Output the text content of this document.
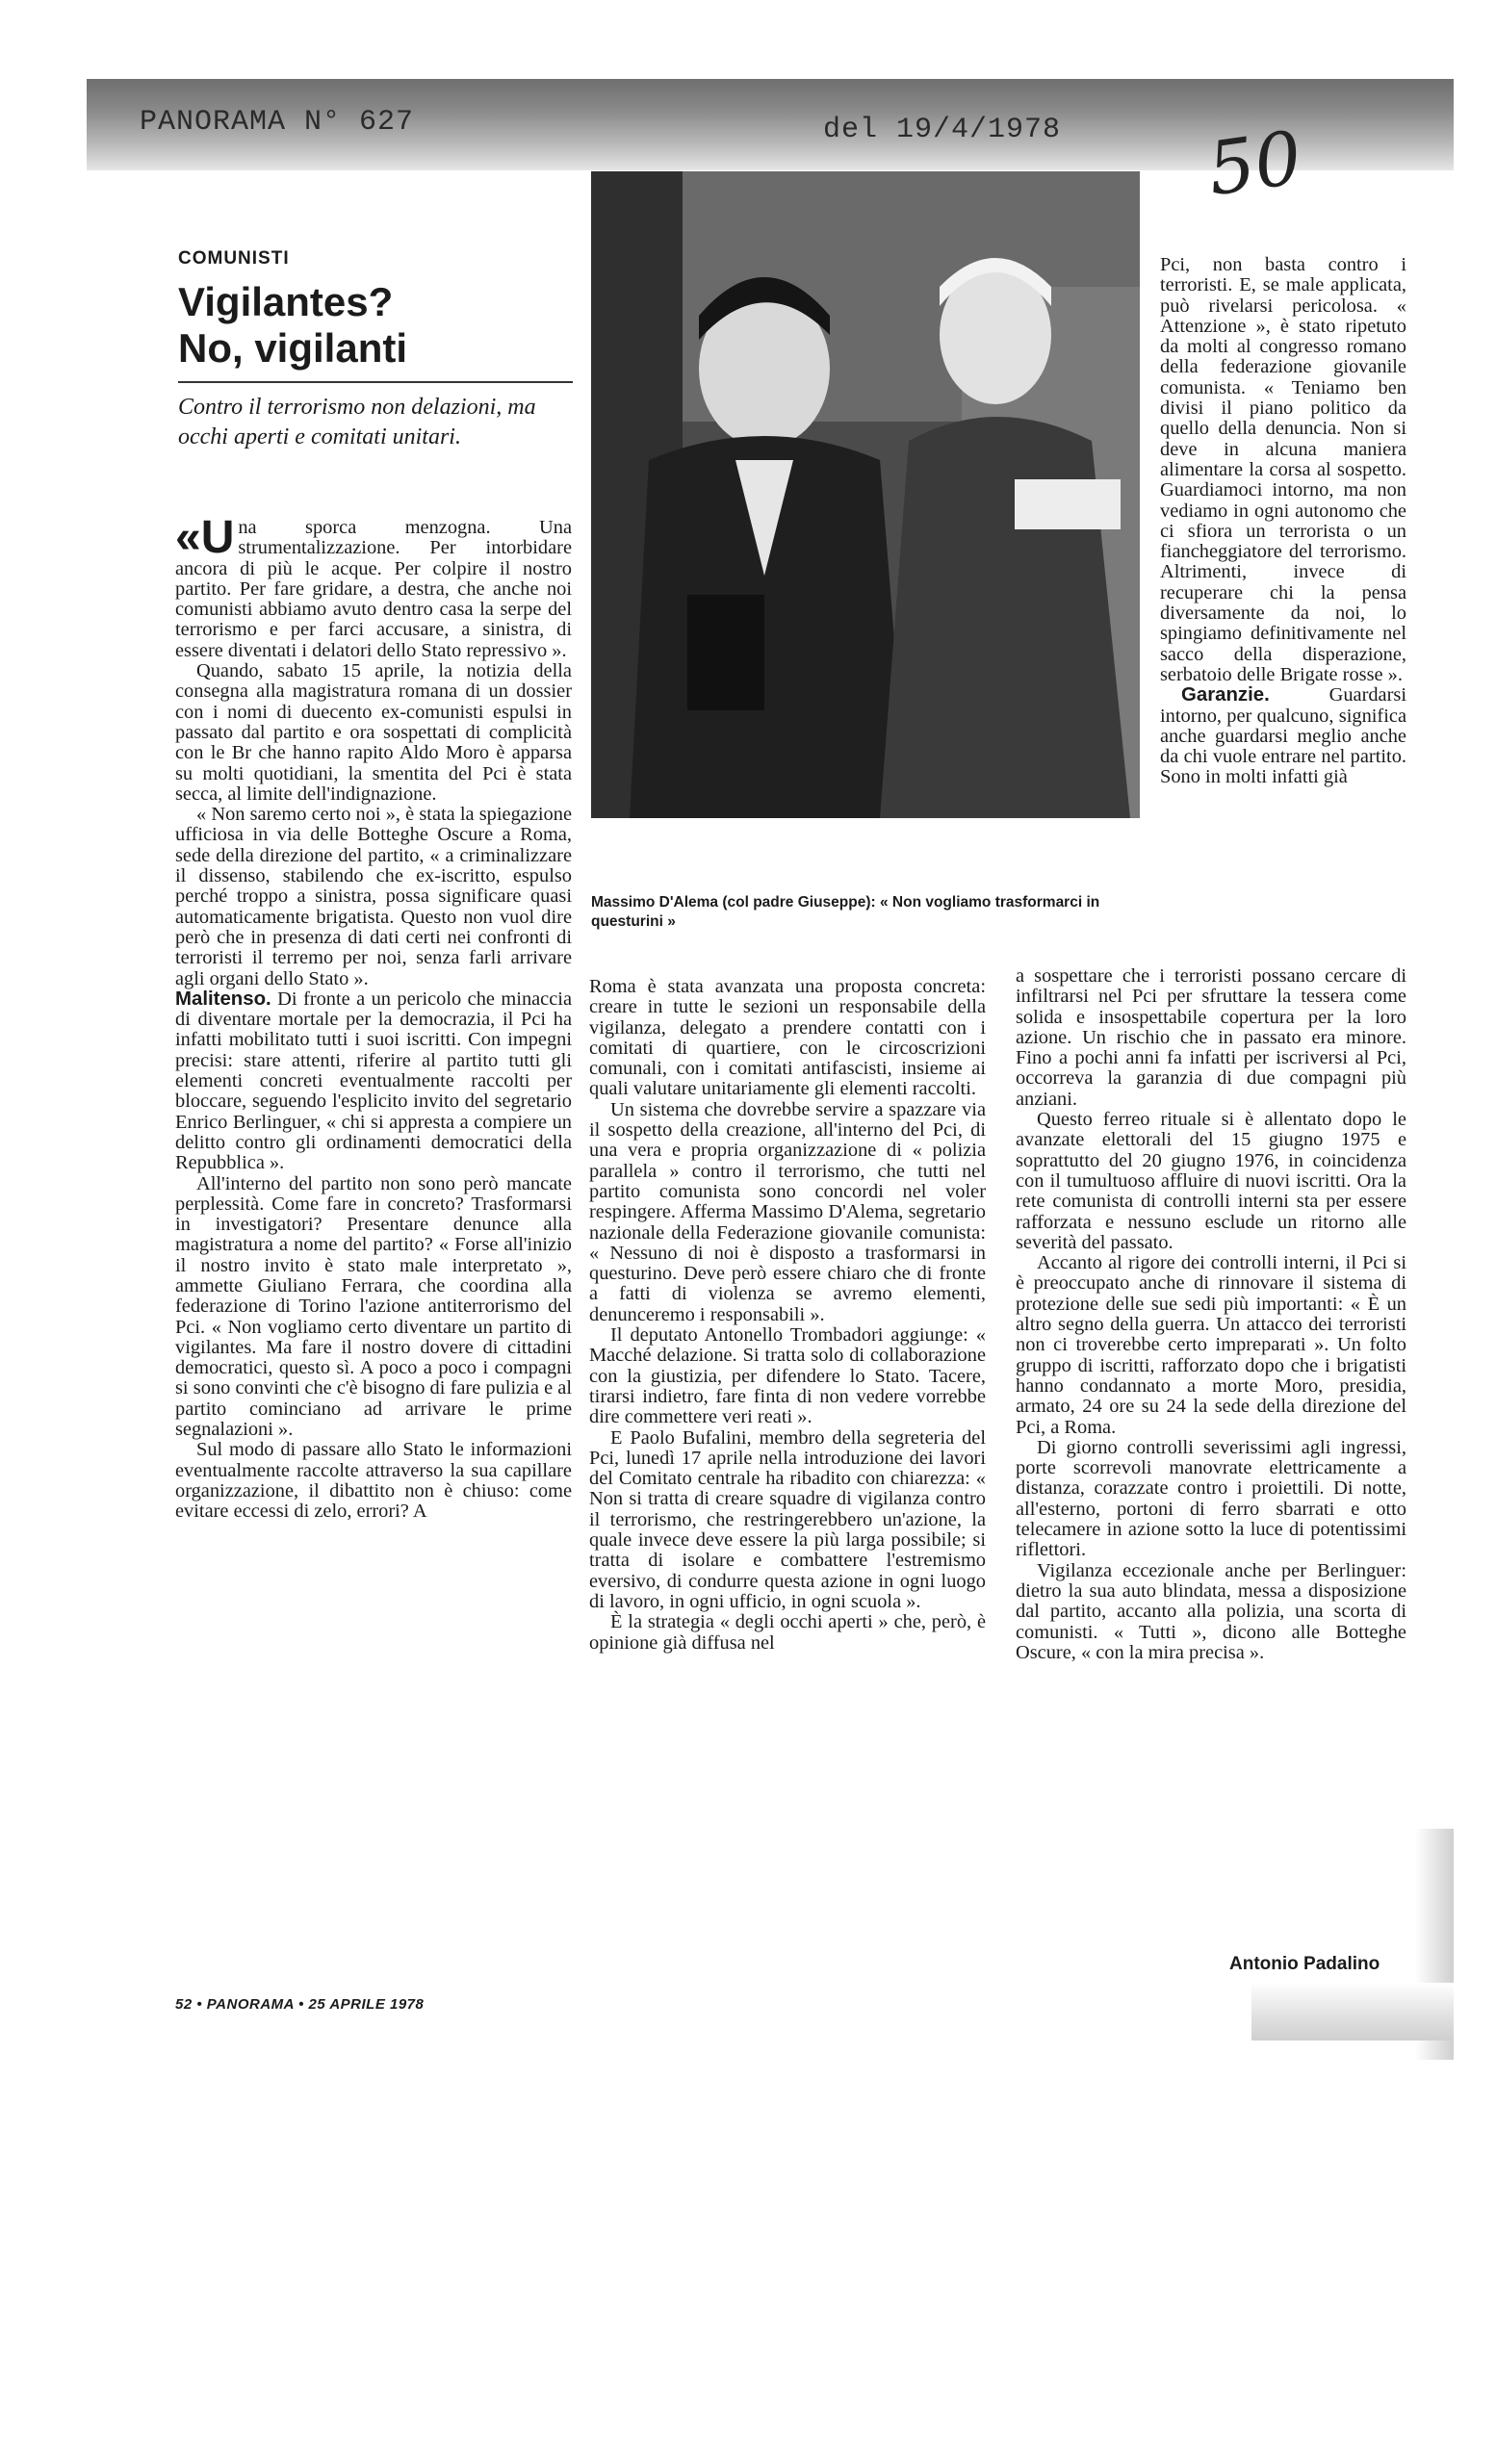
PANORAMA N° 627	del 19/4/1978 50
COMUNISTI
Vigilantes?
No, vigilanti
Contro il terrorismo non delazioni, ma occhi aperti e comitati unitari.

«Una sporca menzogna. Una strumentalizzazione. Per intorbidare ancora di più le acque. Per colpire il nostro partito. Per fare gridare, a destra, che anche noi comunisti abbiamo avuto dentro casa la serpe del terrorismo e per farci accusare, a sinistra, di essere diventati i delatori dello Stato repressivo ».

Quando, sabato 15 aprile, la notizia della consegna alla magistratura romana di un dossier con i nomi di duecento ex-comunisti espulsi in passato dal partito e ora sospettati di complicità con le Br che hanno rapito Aldo Moro è apparsa su molti quotidiani, la smentita del Pci è stata secca, al limite dell'indignazione.

« Non saremo certo noi », è stata la spiegazione ufficiosa in via delle Botteghe Oscure a Roma, sede della direzione del partito, « a criminalizzare il dissenso, stabilendo che ex-iscritto, espulso perché troppo a sinistra, possa significare quasi automaticamente brigatista. Questo non vuol dire però che in presenza di dati certi nei confronti di terroristi il terremo per noi, senza farli arrivare agli organi dello Stato ».

Malitenso. Di fronte a un pericolo che minaccia di diventare mortale per la democrazia, il Pci ha infatti mobilitato tutti i suoi iscritti. Con impegni precisi: stare attenti, riferire al partito tutti gli elementi concreti eventualmente raccolti per bloccare, seguendo l'esplicito invito del segretario Enrico Berlinguer, « chi si appresta a compiere un delitto contro gli ordinamenti democratici della Repubblica ».

All'interno del partito non sono però mancate perplessità. Come fare in concreto? Trasformarsi in investigatori? Presentare denunce alla magistratura a nome del partito? « Forse all'inizio il nostro invito è stato male interpretato », ammette Giuliano Ferrara, che coordina alla federazione di Torino l'azione antiterrorismo del Pci. « Non vogliamo certo diventare un partito di vigilantes. Ma fare il nostro dovere di cittadini democratici, questo sì. A poco a poco i compagni si sono convinti che c'è bisogno di fare pulizia e al partito cominciano ad arrivare le prime segnalazioni ».

Sul modo di passare allo Stato le informazioni eventualmente raccolte attraverso la sua capillare organizzazione, il dibattito non è chiuso: come evitare eccessi di zelo, errori? A

Massimo D'Alema (col padre Giuseppe): « Non vogliamo trasformarci in questurini »

Roma è stata avanzata una proposta concreta: creare in tutte le sezioni un responsabile della vigilanza, delegato a prendere contatti con i comitati di quartiere, con le circoscrizioni comunali, con i comitati antifascisti, insieme ai quali valutare unitariamente gli elementi raccolti.

Un sistema che dovrebbe servire a spazzare via il sospetto della creazione, all'interno del Pci, di una vera e propria organizzazione di « polizia parallela » contro il terrorismo, che tutti nel partito comunista sono concordi nel voler respingere. Afferma Massimo D'Alema, segretario nazionale della Federazione giovanile comunista: « Nessuno di noi è disposto a trasformarsi in questurino. Deve però essere chiaro che di fronte a fatti di violenza se avremo elementi, denunceremo i responsabili ».

Il deputato Antonello Trombadori aggiunge: « Macché delazione. Si tratta solo di collaborazione con la giustizia, per difendere lo Stato. Tacere, tirarsi indietro, fare finta di non vedere vorrebbe dire commettere veri reati ».

E Paolo Bufalini, membro della segreteria del Pci, lunedì 17 aprile nella introduzione dei lavori del Comitato centrale ha ribadito con chiarezza: « Non si tratta di creare squadre di vigilanza contro il terrorismo, che restringerebbero un'azione, la quale invece deve essere la più larga possibile; si tratta di isolare e combattere l'estremismo eversivo, di condurre questa azione in ogni luogo di lavoro, in ogni ufficio, in ogni scuola ».

È la strategia « degli occhi aperti » che, però, è opinione già diffusa nel

Pci, non basta contro i terroristi. E, se male applicata, può rivelarsi pericolosa. « Attenzione », è stato ripetuto da molti al congresso romano della federazione giovanile comunista. « Teniamo ben divisi il piano politico da quello della denuncia. Non si deve in alcuna maniera alimentare la corsa al sospetto. Guardiamoci intorno, ma non vediamo in ogni autonomo che ci sfiora un terrorista o un fiancheggiatore del terrorismo. Altrimenti, invece di recuperare chi la pensa diversamente da noi, lo spingiamo definitivamente nel sacco della disperazione, serbatoio delle Brigate rosse ».

Garanzie.	Guardarsi intorno, per qualcuno, significa anche guardarsi meglio anche da chi vuole entrare nel partito. Sono in molti infatti già

a sospettare che i terroristi possano cercare di infiltrarsi nel Pci per sfruttare la tessera come solida e insospettabile copertura per la loro azione. Un rischio che in passato era minore. Fino a pochi anni fa infatti per iscriversi al Pci, occorreva la garanzia di due compagni più anziani.

Questo ferreo rituale si è allentato dopo le avanzate elettorali del 15 giugno 1975 e soprattutto del 20 giugno 1976, in coincidenza con il tumultuoso affluire di nuovi iscritti. Ora la rete comunista di controlli interni sta per essere rafforzata e nessuno esclude un ritorno alle severità del passato.

Accanto al rigore dei controlli interni, il Pci si è preoccupato anche di rinnovare il sistema di protezione delle sue sedi più importanti: « È un altro segno della guerra. Un attacco dei terroristi non ci troverebbe certo impreparati ». Un folto gruppo di iscritti, rafforzato dopo che i brigatisti hanno condannato a morte Moro, presidia, armato, 24 ore su 24 la sede della direzione del Pci, a Roma.

Di giorno controlli severissimi agli ingressi, porte scorrevoli manovrate elettricamente a distanza, corazzate contro i proiettili. Di notte, all'esterno, portoni di ferro sbarrati e otto telecamere in azione sotto la luce di potentissimi riflettori.

Vigilanza eccezionale anche per Berlinguer: dietro la sua auto blindata, messa a disposizione dal partito, accanto alla polizia, una scorta di comunisti. « Tutti », dicono alle Botteghe Oscure, « con la mira precisa ».

Antonio Padalino
52 • PANORAMA • 25 APRILE 1978
